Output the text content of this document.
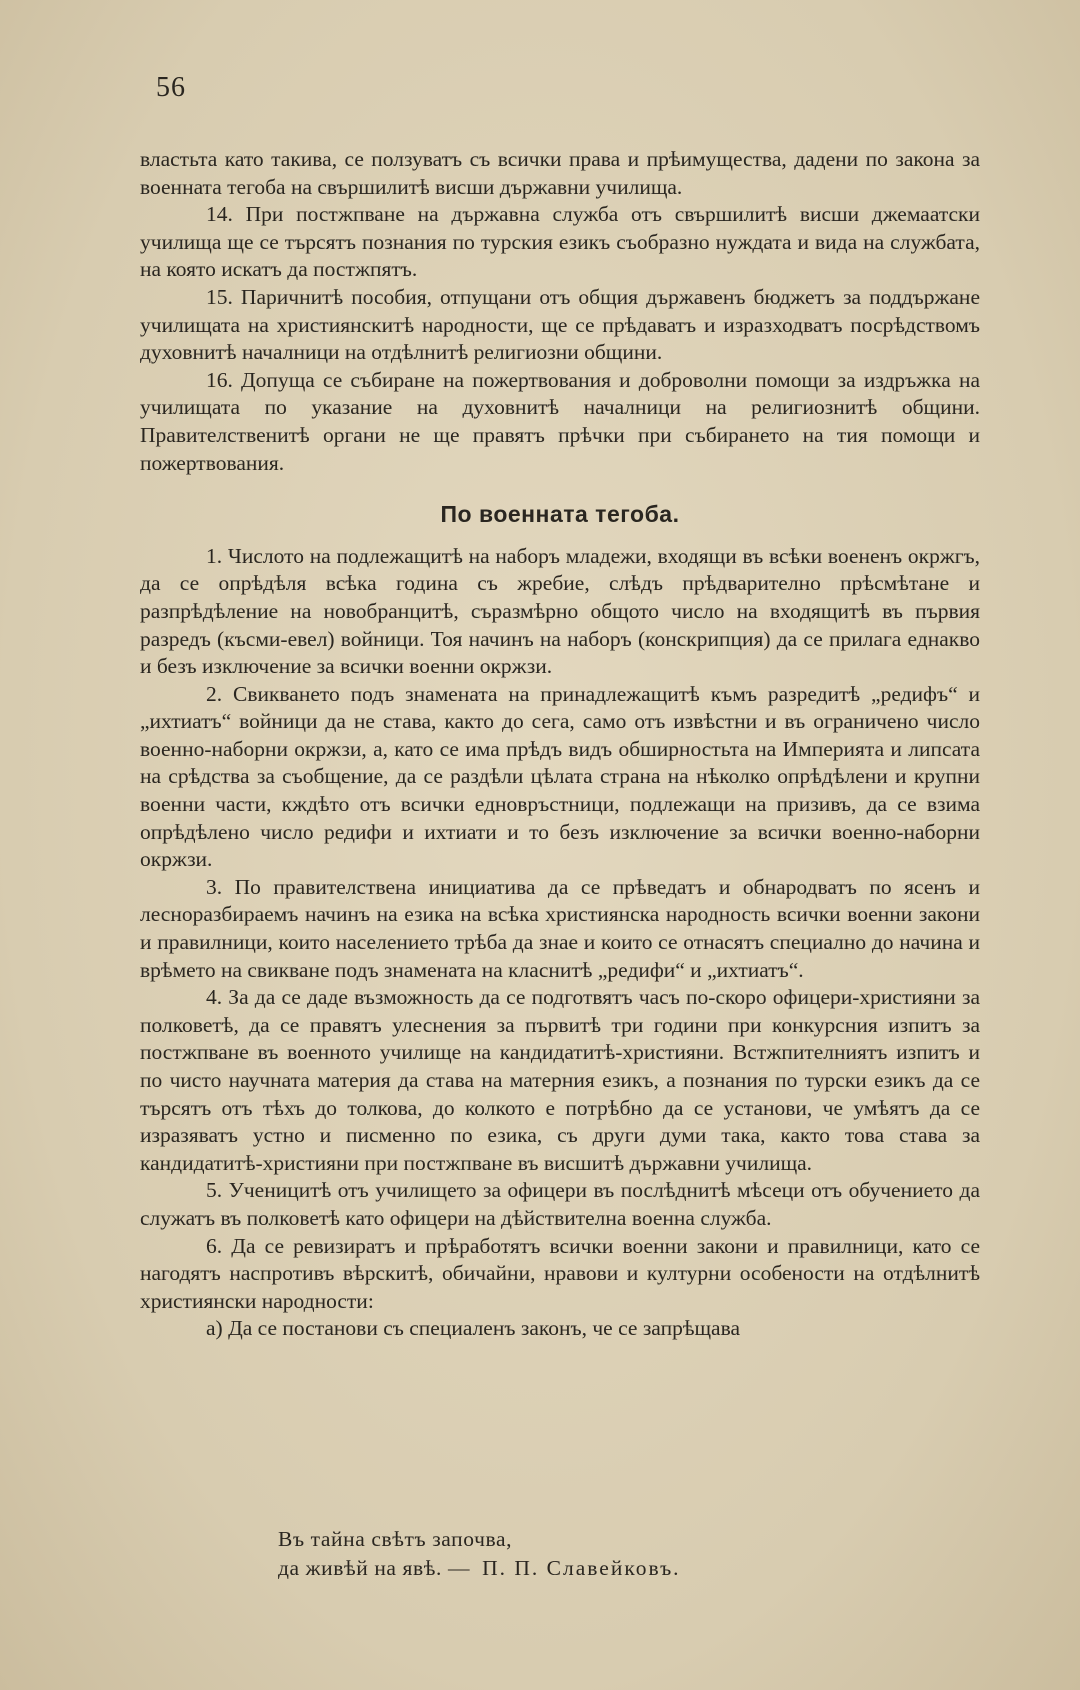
56

властьта като такива, се ползуватъ съ всички права и прѣимущества, дадени по закона за военната тегоба на свършилитѣ висши държавни училища.

14. При постжпване на държавна служба отъ свършилитѣ висши джемаатски училища ще се търсятъ познания по турския езикъ съобразно нуждата и вида на службата, на която искатъ да постжпятъ.

15. Паричнитѣ пособия, отпущани отъ общия държавенъ бюджетъ за поддържане училищата на християнскитѣ народности, ще се прѣдаватъ и изразходватъ посрѣдствомъ духовнитѣ началници на отдѣлнитѣ религиозни общини.

16. Допуща се събиране на пожертвования и доброволни помощи за издръжка на училищата по указание на духовнитѣ началници на религиознитѣ общини. Правителственитѣ органи не ще правятъ прѣчки при събирането на тия помощи и пожертвования.

По военната тегоба.

1. Числото на подлежащитѣ на наборъ младежи, входящи въ всѣки воененъ окржгъ, да се опрѣдѣля всѣка година съ жребие, слѣдъ прѣдварително прѣсмѣтане и разпрѣдѣление на новобранцитѣ, съразмѣрно общото число на входящитѣ въ първия разредъ (късми-евел) войници. Тоя начинъ на наборъ (конскрипция) да се прилага еднакво и безъ изключение за всички военни окржзи.

2. Свикването подъ знамената на принадлежащитѣ къмъ разредитѣ „редифъ“ и „ихтиатъ“ войници да не става, както до сега, само отъ извѣстни и въ ограничено число военно-наборни окржзи, а, като се има прѣдъ видъ обширностьта на Империята и липсата на срѣдства за съобщение, да се раздѣли цѣлата страна на нѣколко опрѣдѣлени и крупни военни части, кждѣто отъ всички едновръстници, подлежащи на призивъ, да се взима опрѣдѣлено число редифи и ихтиати и то безъ изключение за всички военно-наборни окржзи.

3. По правителствена инициатива да се прѣведатъ и обнародватъ по ясенъ и лесноразбираемъ начинъ на езика на всѣка християнска народность всички военни закони и правилници, които населението трѣба да знае и които се отнасятъ специално до начина и врѣмето на свикване подъ знамената на класнитѣ „редифи“ и „ихтиатъ“.

4. За да се даде възможность да се подготвятъ часъ по-скоро офицери-християни за полковетѣ, да се правятъ улеснения за първитѣ три години при конкурсния изпитъ за постжпване въ военното училище на кандидатитѣ-християни. Встжпителниятъ изпитъ и по чисто научната материя да става на матерния езикъ, а познания по турски езикъ да се търсятъ отъ тѣхъ до толкова, до колкото е потрѣбно да се установи, че умѣятъ да се изразяватъ устно и писменно по езика, съ други думи така, както това става за кандидатитѣ-християни при постжпване въ висшитѣ държавни училища.

5. Ученицитѣ отъ училището за офицери въ послѣднитѣ мѣсеци отъ обучението да служатъ въ полковетѣ като офицери на дѣйствителна военна служба.

6. Да се ревизиратъ и прѣработятъ всички военни закони и правилници, като се нагодятъ наспротивъ вѣрскитѣ, обичайни, нравови и културни особености на отдѣлнитѣ християнски народности:

а) Да се постанови съ специаленъ законъ, че се запрѣщава

Въ тайна свѣтъ започва,
да живѣй на явѣ. — П. П. Славейковъ.
